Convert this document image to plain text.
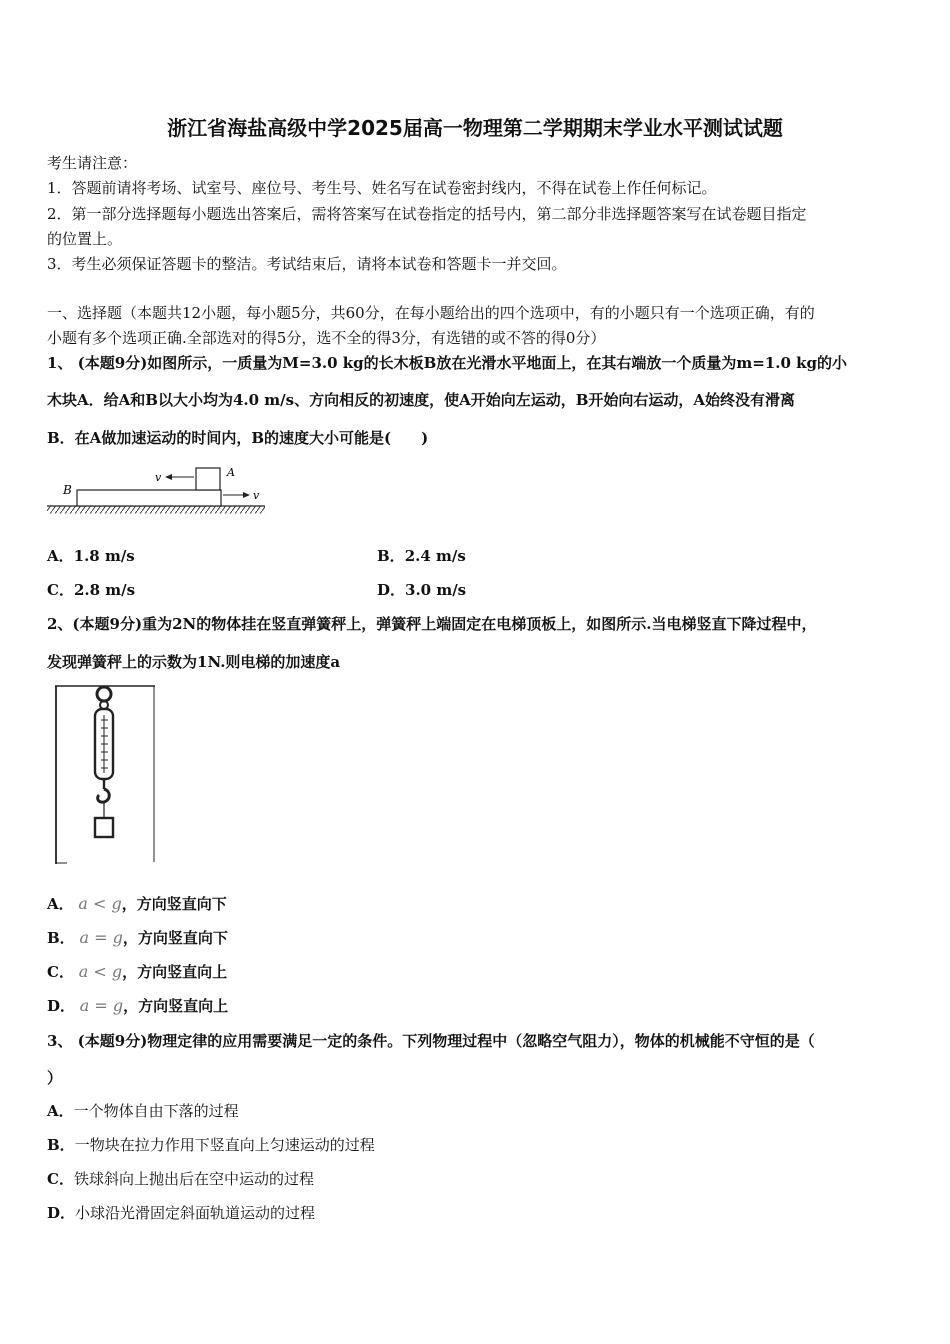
浙江省海盐高级中学2025届高一物理第二学期期末学业水平测试试题
考生请注意：
1．答题前请将考场、试室号、座位号、考生号、姓名写在试卷密封线内，不得在试卷上作任何标记。
2．第一部分选择题每小题选出答案后，需将答案写在试卷指定的括号内，第二部分非选择题答案写在试卷题目指定
的位置上。
3．考生必须保证答题卡的整洁。考试结束后，请将本试卷和答题卡一并交回。
一、选择题（本题共12小题，每小题5分，共60分，在每小题给出的四个选项中，有的小题只有一个选项正确，有的
小题有多个选项正确.全部选对的得5分，选不全的得3分，有选错的或不答的得0分）
1、 (本题9分)如图所示，一质量为M=3.0 kg的长木板B放在光滑水平地面上，在其右端放一个质量为m=1.0 kg的小
木块A．给A和B以大小均为4.0 m/s、方向相反的初速度，使A开始向左运动，B开始向右运动，A始终没有滑离
B．在A做加速运动的时间内，B的速度大小可能是(　　)
v	A
B	v
A．1.8 m/s	B．2.4 m/s
C．2.8 m/s	D．3.0 m/s
2、(本题9分)重为2N的物体挂在竖直弹簧秤上，弹簧秤上端固定在电梯顶板上，如图所示.当电梯竖直下降过程中，
发现弹簧秤上的示数为1N.则电梯的加速度a
A． a < g，方向竖直向下
B． a = g，方向竖直向下
C． a < g，方向竖直向上
D． a = g，方向竖直向上
3、 (本题9分)物理定律的应用需要满足一定的条件。下列物理过程中（忽略空气阻力），物体的机械能不守恒的是（
）
A．一个物体自由下落的过程
B．一物块在拉力作用下竖直向上匀速运动的过程
C．铁球斜向上抛出后在空中运动的过程
D．小球沿光滑固定斜面轨道运动的过程
